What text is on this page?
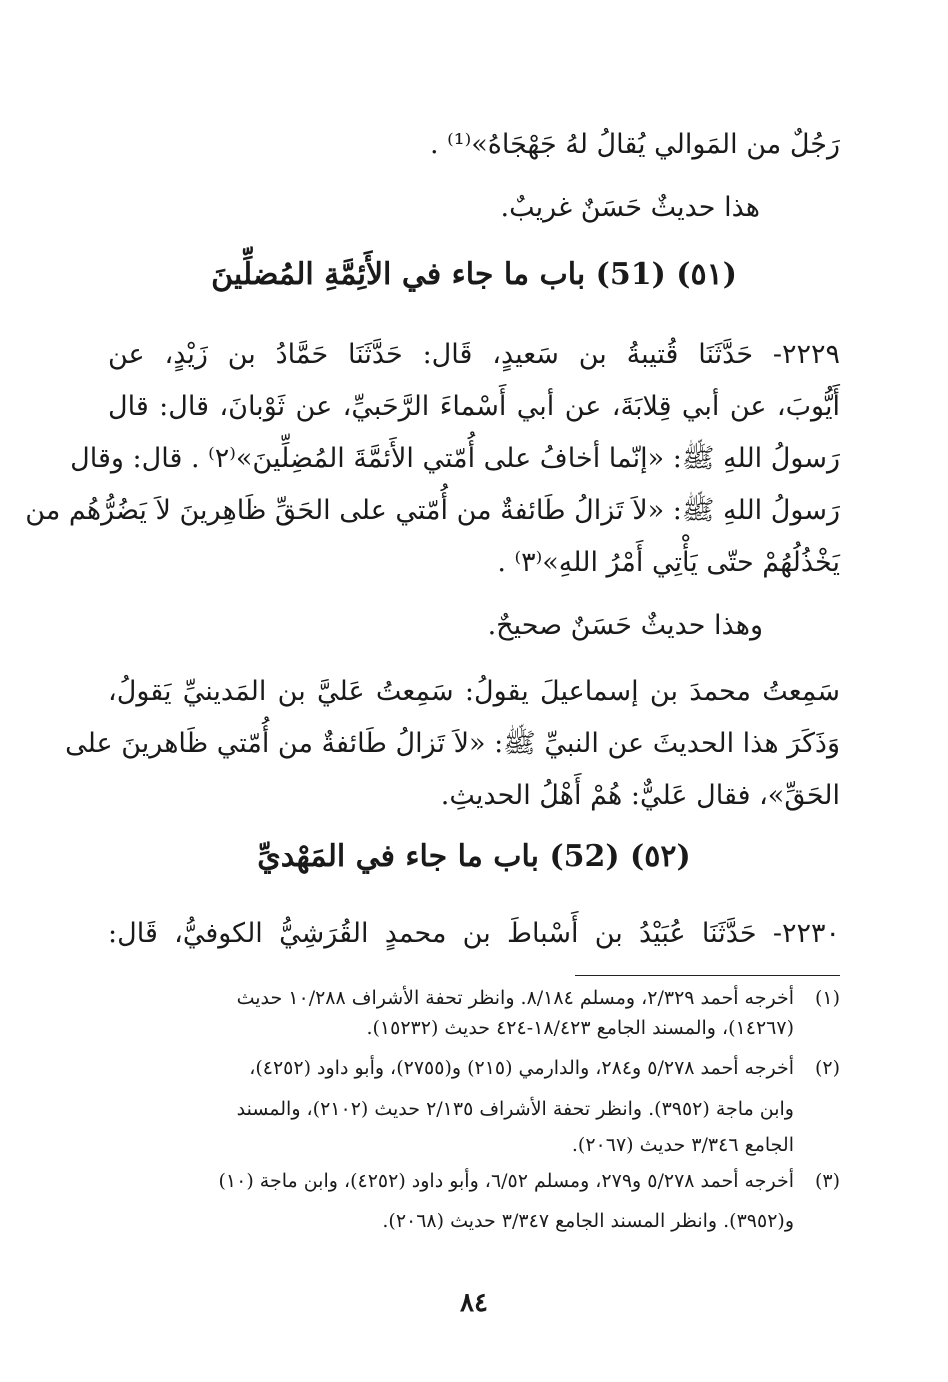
رَجُلٌ من المَوالي يُقالُ لهُ جَهْجَاهُ»⁽¹⁾ .
هذا حديثٌ حَسَنٌ غريبٌ.
(٥١) (51) باب ما جاء في الأَئِمَّةِ المُضلِّينَ
٢٢٢٩- حَدَّثَنَا قُتيبةُ بن سَعيدٍ، قَال: حَدَّثَنَا حَمَّادُ بن زَيْدٍ، عن
أَيُّوبَ، عن أبي قِلابَةَ، عن أبي أَسْماءَ الرَّحَبيِّ، عن ثَوْبانَ، قال: قال
رَسولُ اللهِ ﷺ: «إنّما أخافُ على أُمّتي الأَئمَّةَ المُضِلِّينَ»⁽٢⁾ . قال: وقال
رَسولُ اللهِ ﷺ: «لاَ تَزالُ طَائفةٌ من أُمّتي على الحَقِّ ظَاهِرينَ لاَ يَضُرُّهُم من
يَخْذُلُهُمْ حتّى يَأْتِي أَمْرُ اللهِ»⁽٣⁾ .
وهذا حديثٌ حَسَنٌ صحيحٌ.
سَمِعتُ محمدَ بن إسماعيلَ يقولُ: سَمِعتُ عَليَّ بن المَدينيِّ يَقولُ،
وَذَكَرَ هذا الحديثَ عن النبيِّ ﷺ: «لاَ تَزالُ طَائفةٌ من أُمّتي ظَاهرينَ على
الحَقِّ»، فقال عَليٌّ: هُمْ أَهْلُ الحديثِ.
(٥٢) (52) باب ما جاء في المَهْديِّ
٢٢٣٠- حَدَّثَنَا عُبَيْدُ بن أَسْباطَ بن محمدٍ القُرَشِيُّ الكوفيُّ، قَال:
(١)
أخرجه أحمد ٢/٣٢٩، ومسلم ٨/١٨٤. وانظر تحفة الأشراف ١٠/٢٨٨ حديث
(١٤٢٦٧)، والمسند الجامع ١٨/٤٢٣-٤٢٤ حديث (١٥٢٣٢).
(٢)
أخرجه أحمد ٥/٢٧٨ و٢٨٤، والدارمي (٢١٥) و(٢٧٥٥)، وأبو داود (٤٢٥٢)،
وابن ماجة (٣٩٥٢). وانظر تحفة الأشراف ٢/١٣٥ حديث (٢١٠٢)، والمسند
الجامع ٣/٣٤٦ حديث (٢٠٦٧).
(٣)
أخرجه أحمد ٥/٢٧٨ و٢٧٩، ومسلم ٦/٥٢، وأبو داود (٤٢٥٢)، وابن ماجة (١٠)
و(٣٩٥٢). وانظر المسند الجامع ٣/٣٤٧ حديث (٢٠٦٨).
٨٤
